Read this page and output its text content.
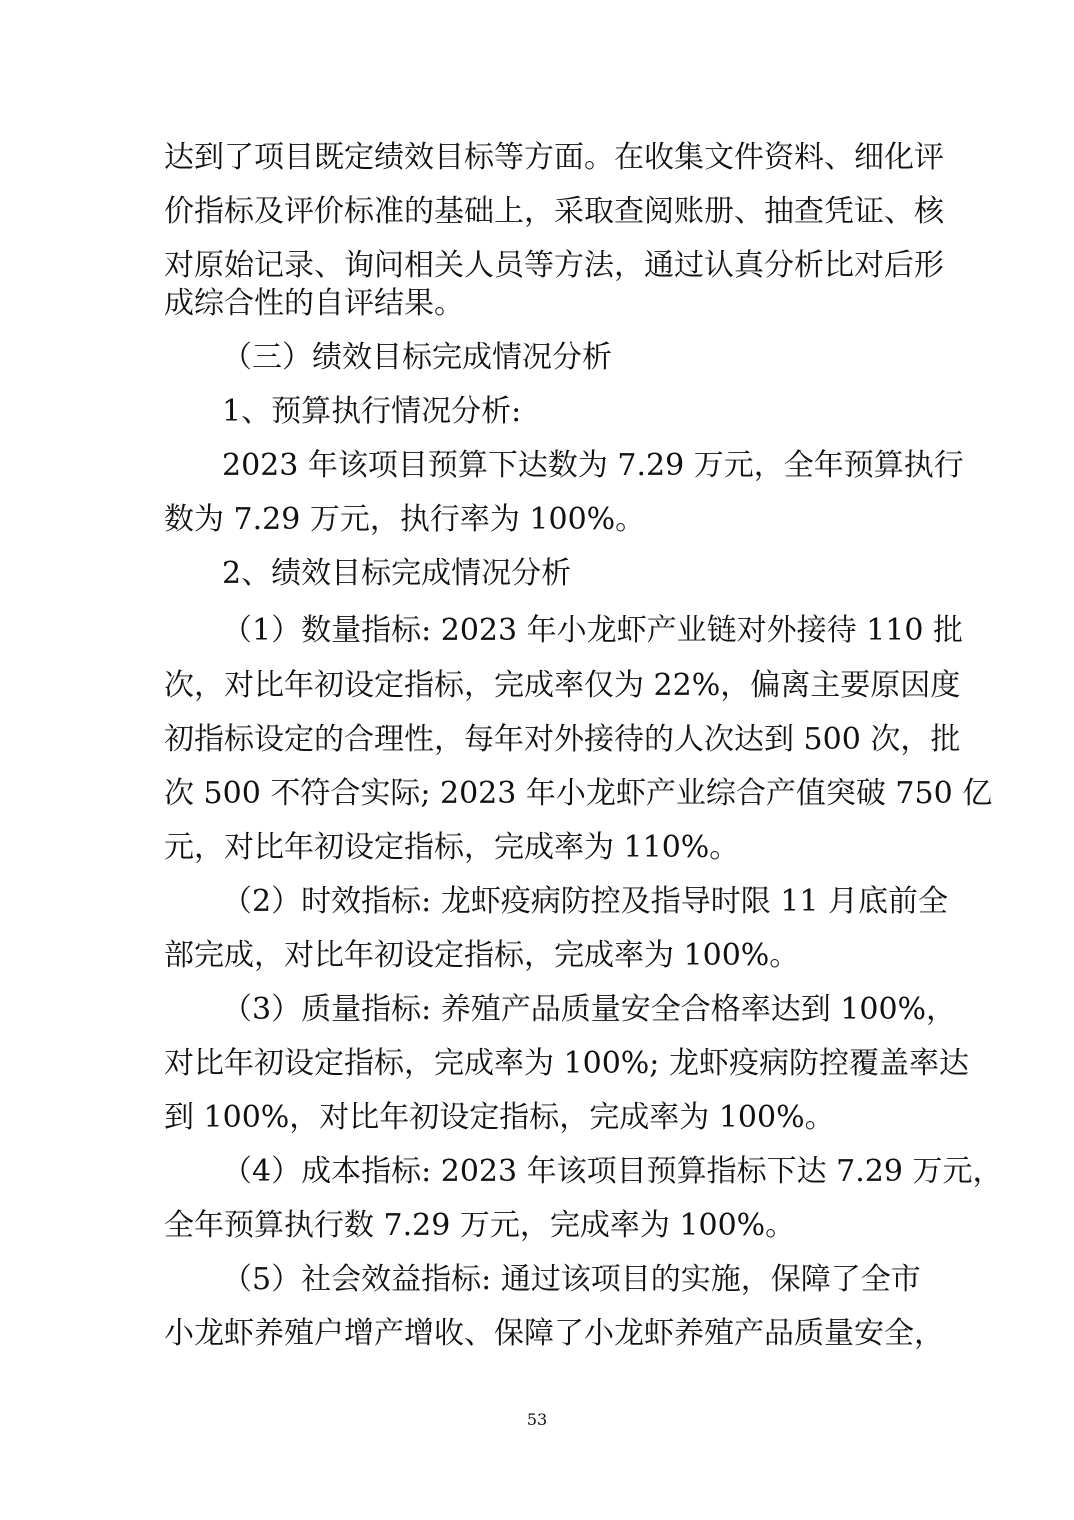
达到了项目既定绩效目标等方面。在收集文件资料、细化评
价指标及评价标准的基础上，采取查阅账册、抽查凭证、核
对原始记录、询问相关人员等方法，通过认真分析比对后形
成综合性的自评结果。
（三）绩效目标完成情况分析
1、预算执行情况分析:
2023 年该项目预算下达数为 7.29 万元，全年预算执行
数为 7.29 万元，执行率为 100%。
2、绩效目标完成情况分析
（1）数量指标: 2023 年小龙虾产业链对外接待 110 批
次，对比年初设定指标，完成率仅为 22%，偏离主要原因度
初指标设定的合理性，每年对外接待的人次达到 500 次，批
次 500 不符合实际; 2023 年小龙虾产业综合产值突破 750 亿
元，对比年初设定指标，完成率为 110%。
（2）时效指标: 龙虾疫病防控及指导时限 11 月底前全
部完成，对比年初设定指标，完成率为 100%。
（3）质量指标: 养殖产品质量安全合格率达到 100%，
对比年初设定指标，完成率为 100%; 龙虾疫病防控覆盖率达
到 100%，对比年初设定指标，完成率为 100%。
（4）成本指标: 2023 年该项目预算指标下达 7.29 万元，
全年预算执行数 7.29 万元，完成率为 100%。
（5）社会效益指标: 通过该项目的实施，保障了全市
小龙虾养殖户增产增收、保障了小龙虾养殖产品质量安全，
53
